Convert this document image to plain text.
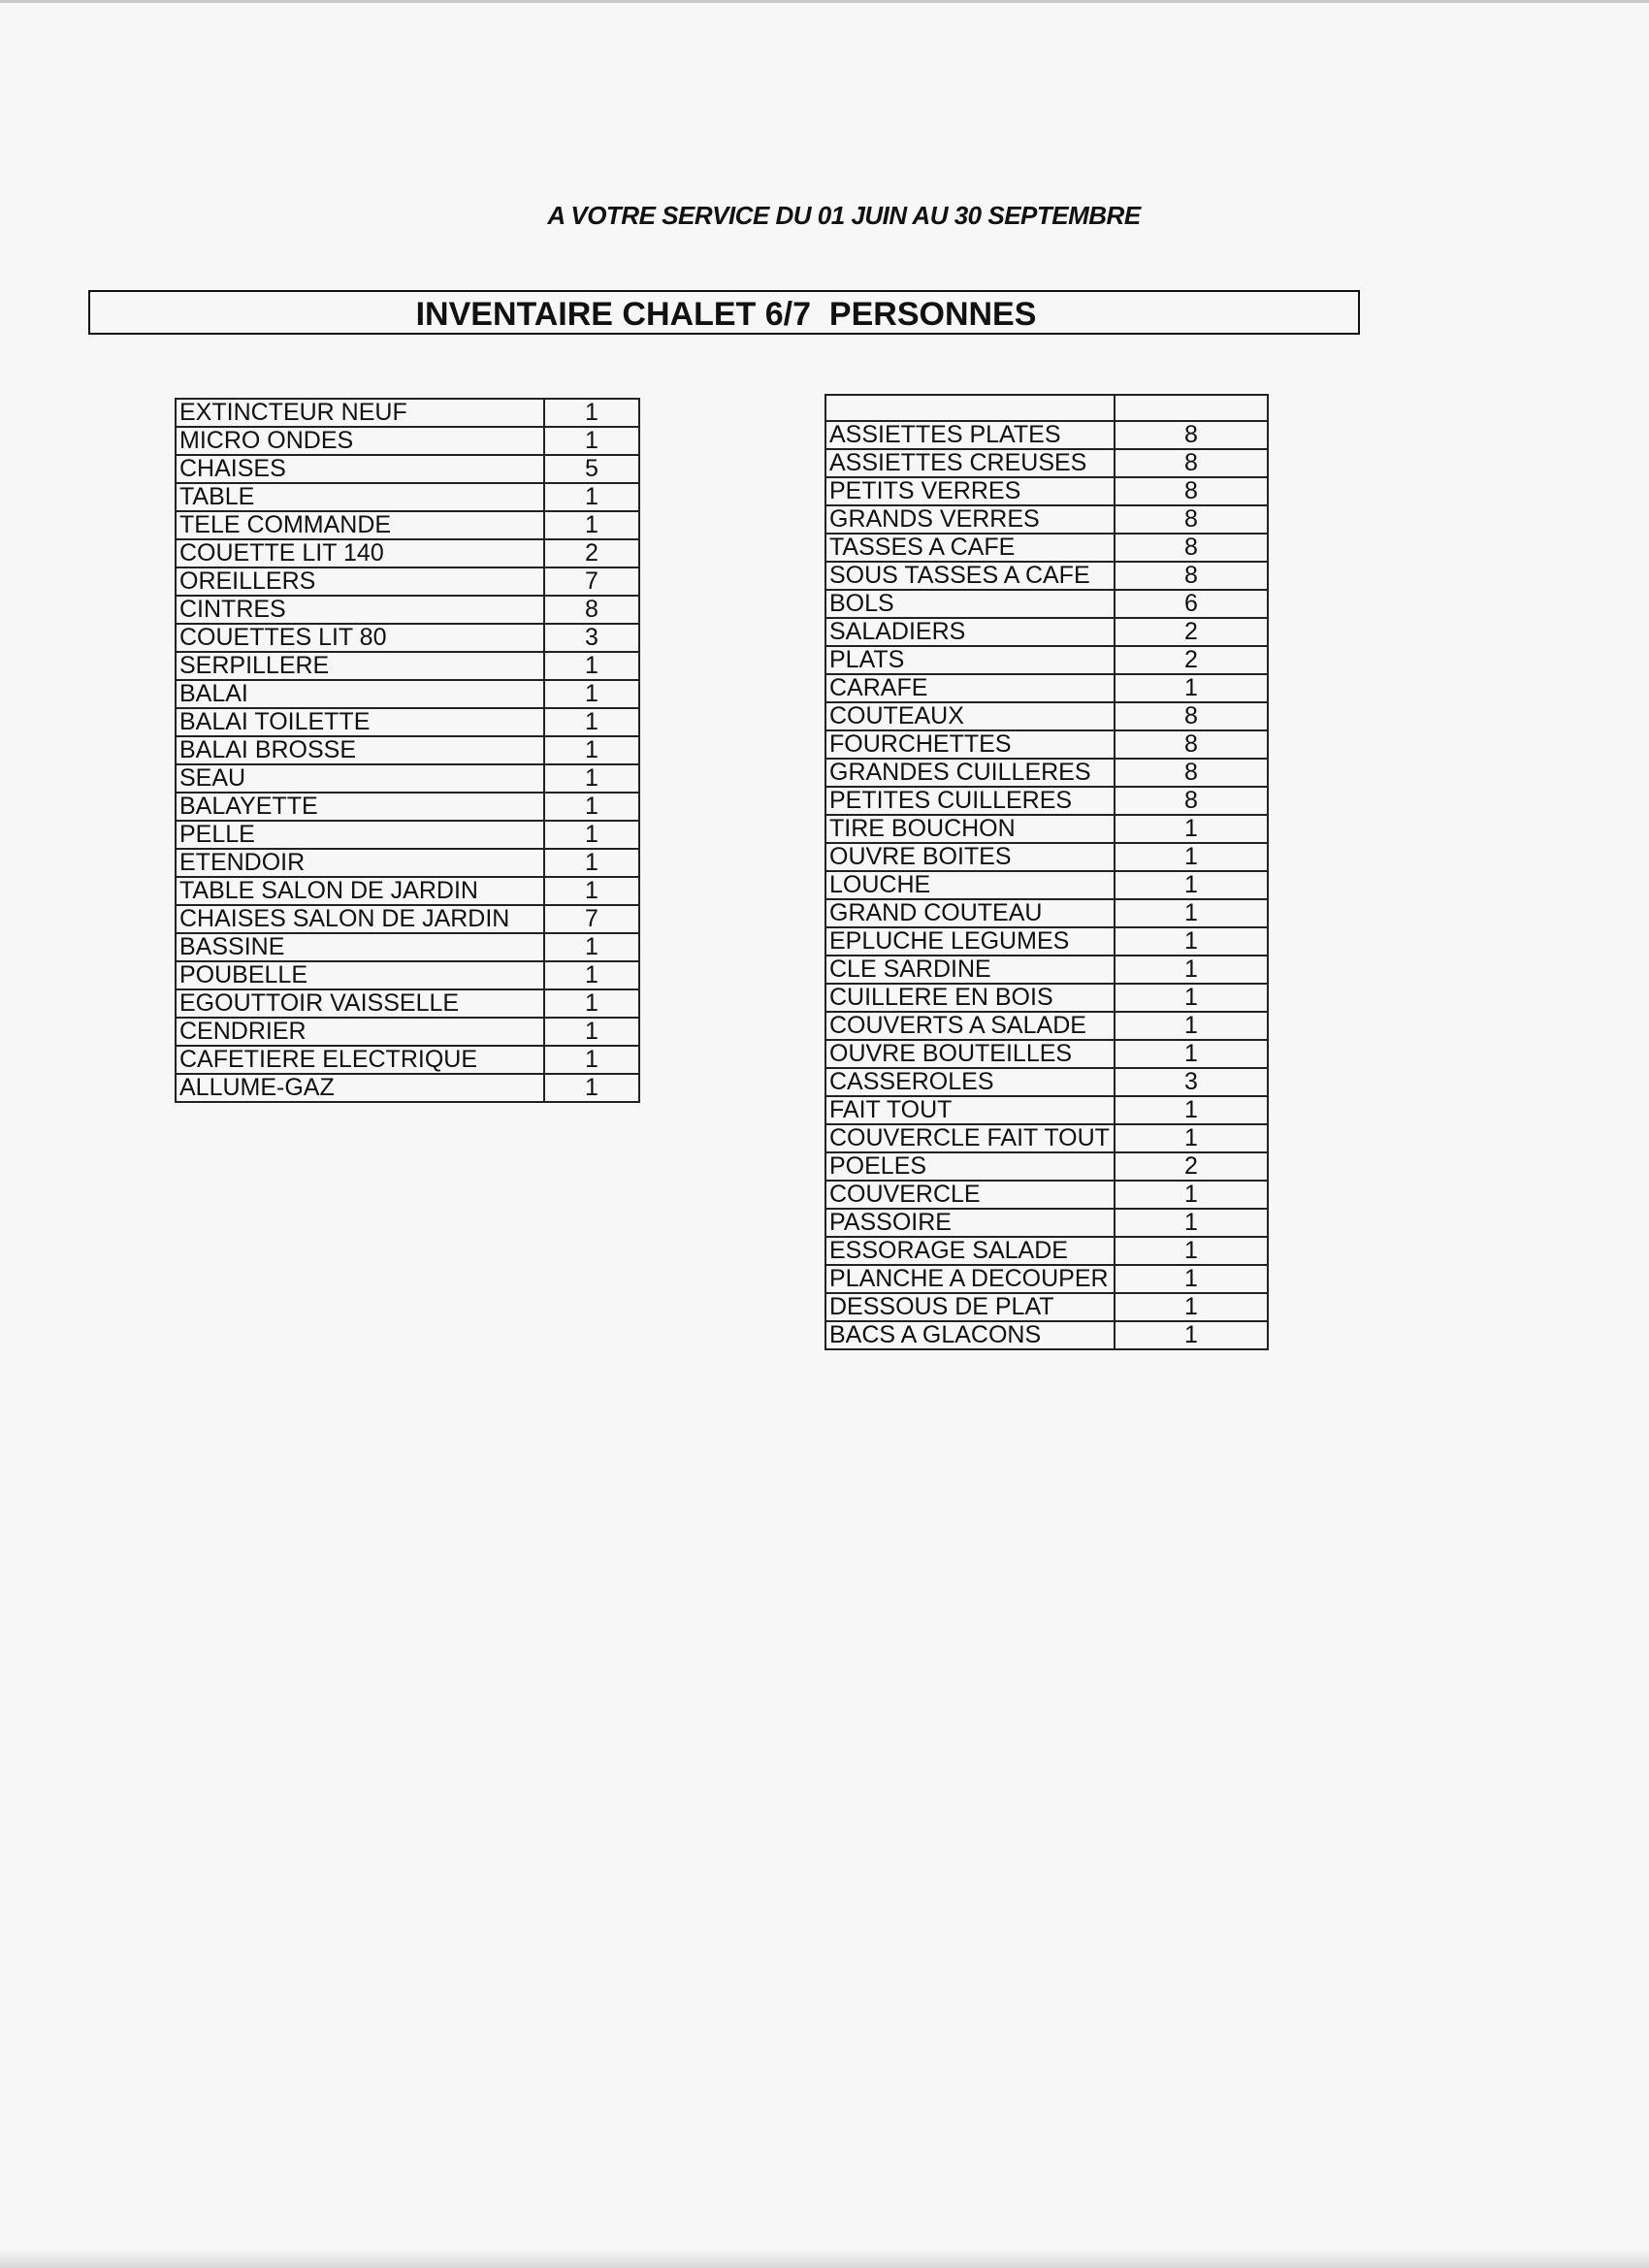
A VOTRE SERVICE DU 01 JUIN AU 30 SEPTEMBRE
INVENTAIRE CHALET 6/7  PERSONNES
EXTINCTEUR NEUF	1
MICRO ONDES	1
CHAISES	5
TABLE	1
TELE COMMANDE	1
COUETTE LIT 140	2
OREILLERS	7
CINTRES	8
COUETTES LIT 80	3
SERPILLERE	1
BALAI	1
BALAI TOILETTE	1
BALAI BROSSE	1
SEAU	1
BALAYETTE	1
PELLE	1
ETENDOIR	1
TABLE SALON DE JARDIN	1
CHAISES SALON DE JARDIN	7
BASSINE	1
POUBELLE	1
EGOUTTOIR VAISSELLE	1
CENDRIER	1
CAFETIERE ELECTRIQUE	1
ALLUME-GAZ	1

ASSIETTES PLATES	8
ASSIETTES CREUSES	8
PETITS VERRES	8
GRANDS VERRES	8
TASSES A CAFE	8
SOUS TASSES A CAFE	8
BOLS	6
SALADIERS	2
PLATS	2
CARAFE	1
COUTEAUX	8
FOURCHETTES	8
GRANDES CUILLERES	8
PETITES CUILLERES	8
TIRE BOUCHON	1
OUVRE BOITES	1
LOUCHE	1
GRAND COUTEAU	1
EPLUCHE LEGUMES	1
CLE SARDINE	1
CUILLERE EN BOIS	1
COUVERTS A SALADE	1
OUVRE BOUTEILLES	1
CASSEROLES	3
FAIT TOUT	1
COUVERCLE FAIT TOUT	1
POELES	2
COUVERCLE	1
PASSOIRE	1
ESSORAGE SALADE	1
PLANCHE A DECOUPER	1
DESSOUS DE PLAT	1
BACS A GLACONS	1
